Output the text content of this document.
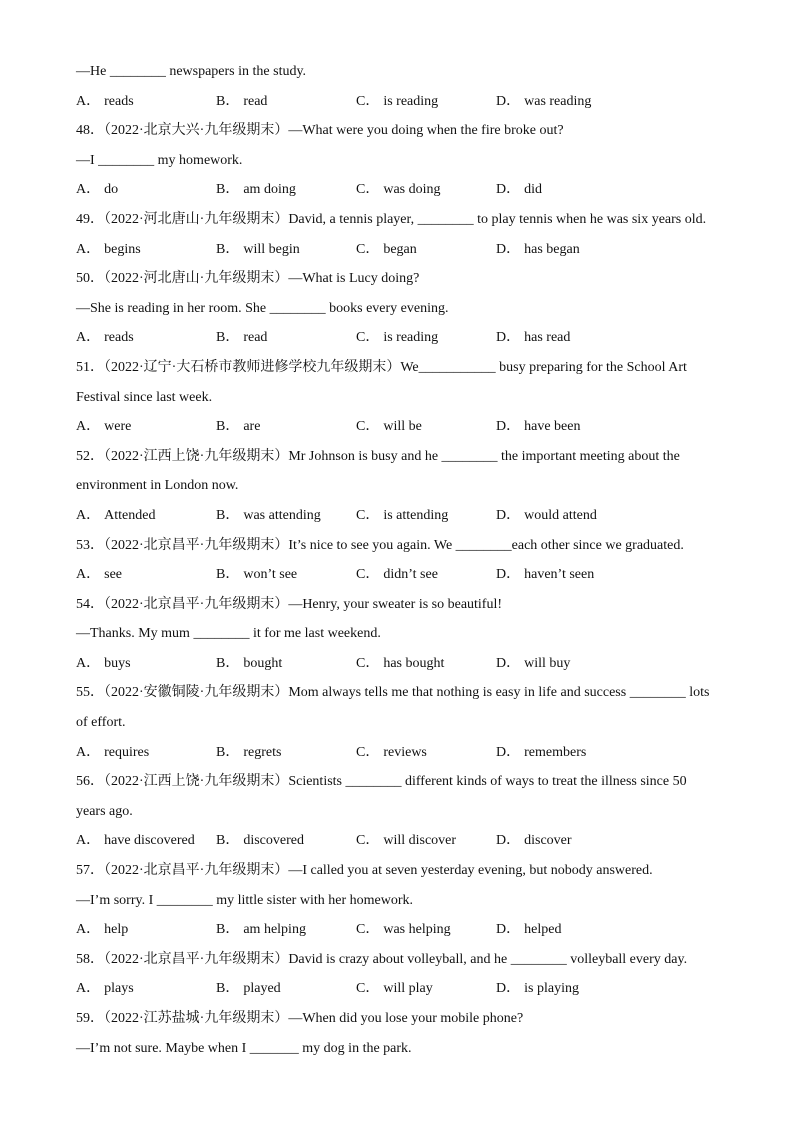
—He ________ newspapers in the study.
A． reads	B． read	C． is reading	D． was reading
48．（2022·北京大兴·九年级期末）—What were you doing when the fire broke out?
—I ________ my homework.
A． do	B． am doing	C． was doing	D． did
49．（2022·河北唐山·九年级期末）David, a tennis player, ________ to play tennis when he was six years old.
A． begins	B． will begin	C． began	D． has began
50．（2022·河北唐山·九年级期末）—What is Lucy doing?
—She is reading in her room. She ________ books every evening.
A． reads	B． read	C． is reading	D． has read
51．（2022·辽宁·大石桥市教师进修学校九年级期末）We___________ busy preparing for the School Art
Festival since last week.
A． were	B． are	C． will be	D． have been
52．（2022·江西上饶·九年级期末）Mr Johnson is busy and he ________ the important meeting about the
environment in London now.
A． Attended	B． was attending	C． is attending	D． would attend
53．（2022·北京昌平·九年级期末）It’s nice to see you again. We ________each other since we graduated.
A． see	B． won’t see	C． didn’t see	D． haven’t seen
54．（2022·北京昌平·九年级期末）—Henry, your sweater is so beautiful!
—Thanks. My mum ________ it for me last weekend.
A． buys	B． bought	C． has bought	D． will buy
55．（2022·安徽铜陵·九年级期末）Mom always tells me that nothing is easy in life and success ________ lots
of effort.
A． requires	B． regrets	C． reviews	D． remembers
56．（2022·江西上饶·九年级期末）Scientists ________ different kinds of ways to treat the illness since 50
years ago.
A． have discovered	B． discovered	C． will discover	D． discover
57．（2022·北京昌平·九年级期末）—I called you at seven yesterday evening, but nobody answered.
—I’m sorry. I ________ my little sister with her homework.
A． help	B． am helping	C． was helping	D． helped
58．（2022·北京昌平·九年级期末）David is crazy about volleyball, and he ________ volleyball every day.
A． plays	B． played	C． will play	D． is playing
59．（2022·江苏盐城·九年级期末）—When did you lose your mobile phone?
—I’m not sure. Maybe when I _______ my dog in the park.
